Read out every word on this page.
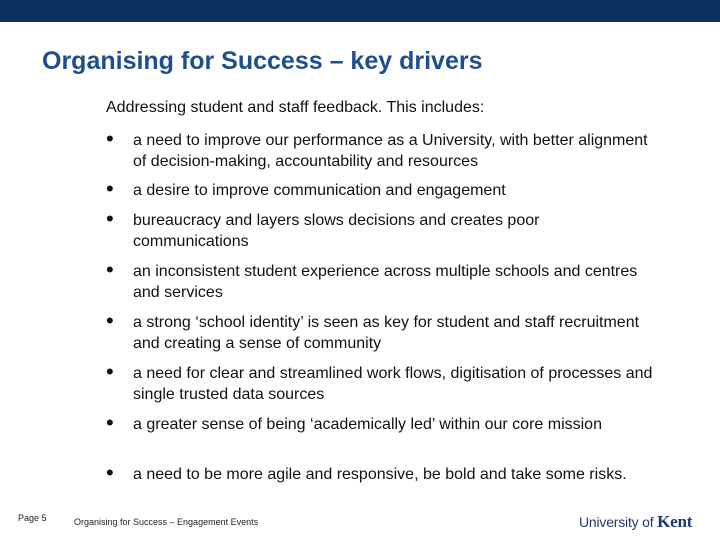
Organising for Success – key drivers
Addressing student and staff feedback. This includes:
• a need to improve our performance as a University, with better alignment of decision-making, accountability and resources
• a desire to improve communication and engagement
• bureaucracy and layers slows decisions and creates poor communications
• an inconsistent student experience across multiple schools and centres and services
• a strong ‘school identity’ is seen as key for student and staff recruitment and creating a sense of community
• a need for clear and streamlined work flows, digitisation of processes and single trusted data sources
• a greater sense of being ‘academically led’ within our core mission
• a need to be more agile and responsive, be bold and take some risks.
Page 5	Organising for Success – Engagement Events	University of Kent
